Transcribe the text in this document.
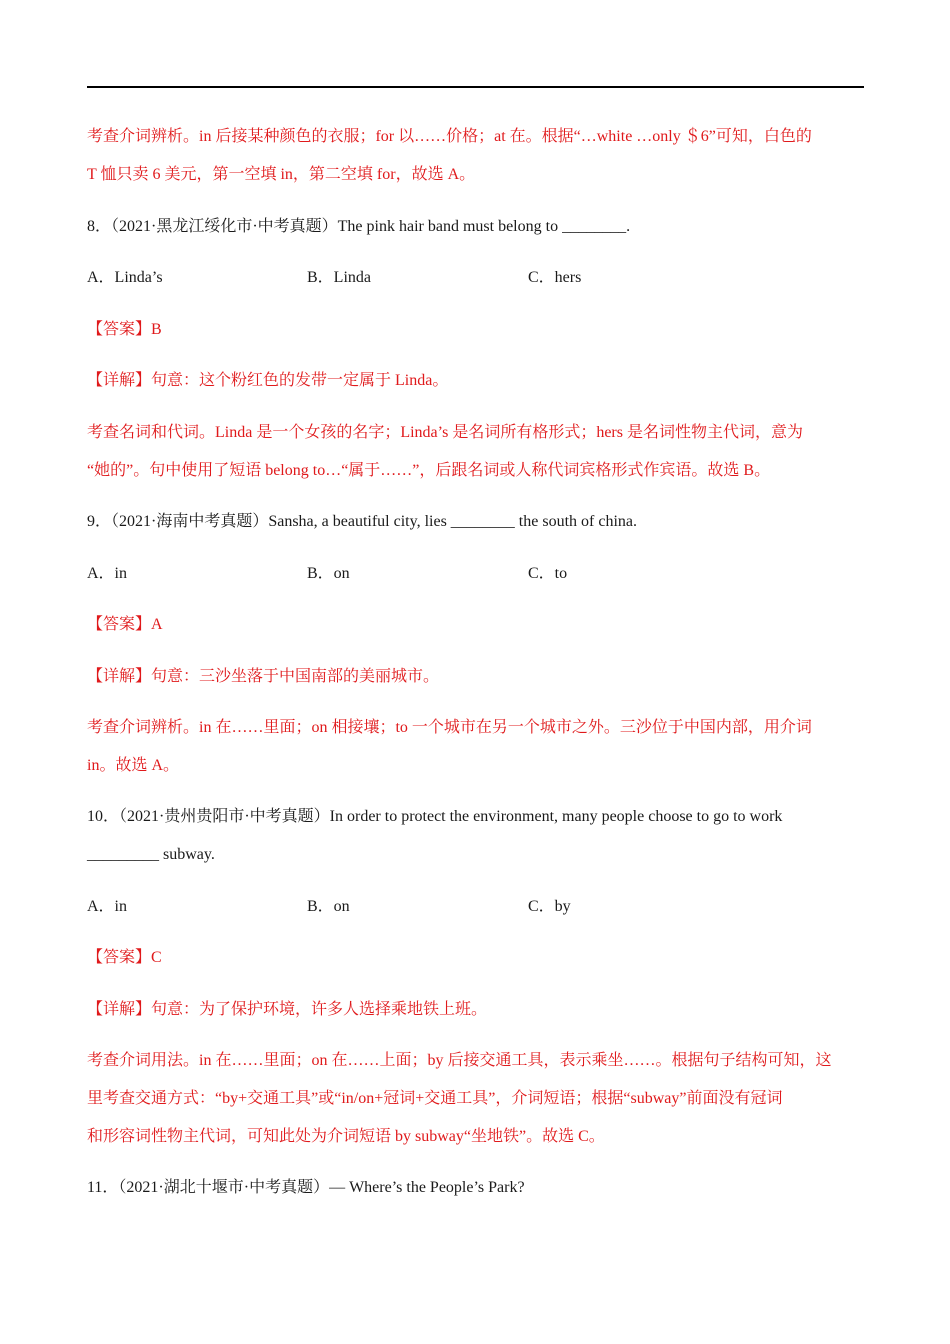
考查介词辨析。in 后接某种颜色的衣服；for 以……价格；at 在。根据“…white …only ＄6”可知，白色的
T 恤只卖 6 美元，第一空填 in，第二空填 for，故选 A。
8．（2021·黑龙江绥化市·中考真题）The pink hair band must belong to ________.
A．Linda’s	B．Linda	C．hers
【答案】B
【详解】句意：这个粉红色的发带一定属于 Linda。
考查名词和代词。Linda 是一个女孩的名字；Linda’s 是名词所有格形式；hers 是名词性物主代词，意为
“她的”。句中使用了短语 belong to…“属于……”，后跟名词或人称代词宾格形式作宾语。故选 B。
9．（2021·海南中考真题）Sansha, a beautiful city, lies ________ the south of china.
A．in	B．on	C．to
【答案】A
【详解】句意：三沙坐落于中国南部的美丽城市。
考查介词辨析。in 在……里面；on 相接壤；to 一个城市在另一个城市之外。三沙位于中国内部，用介词
in。故选 A。
10．（2021·贵州贵阳市·中考真题）In order to protect the environment, many people choose to go to work
_________ subway.
A．in	B．on	C．by
【答案】C
【详解】句意：为了保护环境，许多人选择乘地铁上班。
考查介词用法。in 在……里面；on 在……上面；by 后接交通工具，表示乘坐……。根据句子结构可知，这
里考查交通方式：“by+交通工具”或“in/on+冠词+交通工具”，介词短语；根据“subway”前面没有冠词
和形容词性物主代词，可知此处为介词短语 by subway“坐地铁”。故选 C。
11．（2021·湖北十堰市·中考真题）— Where’s the People’s Park?
